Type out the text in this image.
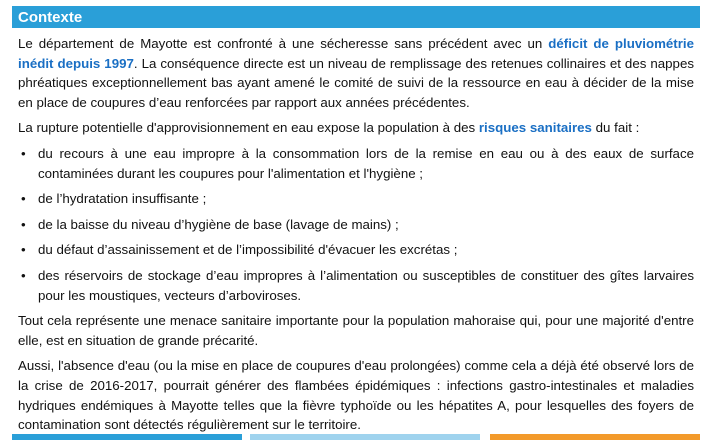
Contexte

Le département de Mayotte est confronté à une sécheresse sans précédent avec un déficit de pluviométrie inédit depuis 1997. La conséquence directe est un niveau de remplissage des retenues collinaires et des nappes phréatiques exceptionnellement bas ayant amené le comité de suivi de la ressource en eau à décider de la mise en place de coupures d’eau renforcées par rapport aux années précédentes.

La rupture potentielle d'approvisionnement en eau expose la population à des risques sanitaires du fait :

• du recours à une eau impropre à la consommation lors de la remise en eau ou à des eaux de surface contaminées durant les coupures pour l'alimentation et l'hygiène ;
• de l’hydratation insuffisante ;
• de la baisse du niveau d’hygiène de base (lavage de mains) ;
• du défaut d’assainissement et de l’impossibilité d'évacuer les excrétas ;
• des réservoirs de stockage d’eau impropres à l’alimentation ou susceptibles de constituer des gîtes larvaires pour les moustiques, vecteurs d’arboviroses.

Tout cela représente une menace sanitaire importante pour la population mahoraise qui, pour une majorité d'entre elle, est en situation de grande précarité.

Aussi, l'absence d'eau (ou la mise en place de coupures d'eau prolongées) comme cela a déjà été observé lors de la crise de 2016-2017, pourrait générer des flambées épidémiques : infections gastro-intestinales et maladies hydriques endémiques à Mayotte telles que la fièvre typhoïde ou les hépatites A, pour lesquelles des foyers de contamination sont détectés régulièrement sur le territoire.
